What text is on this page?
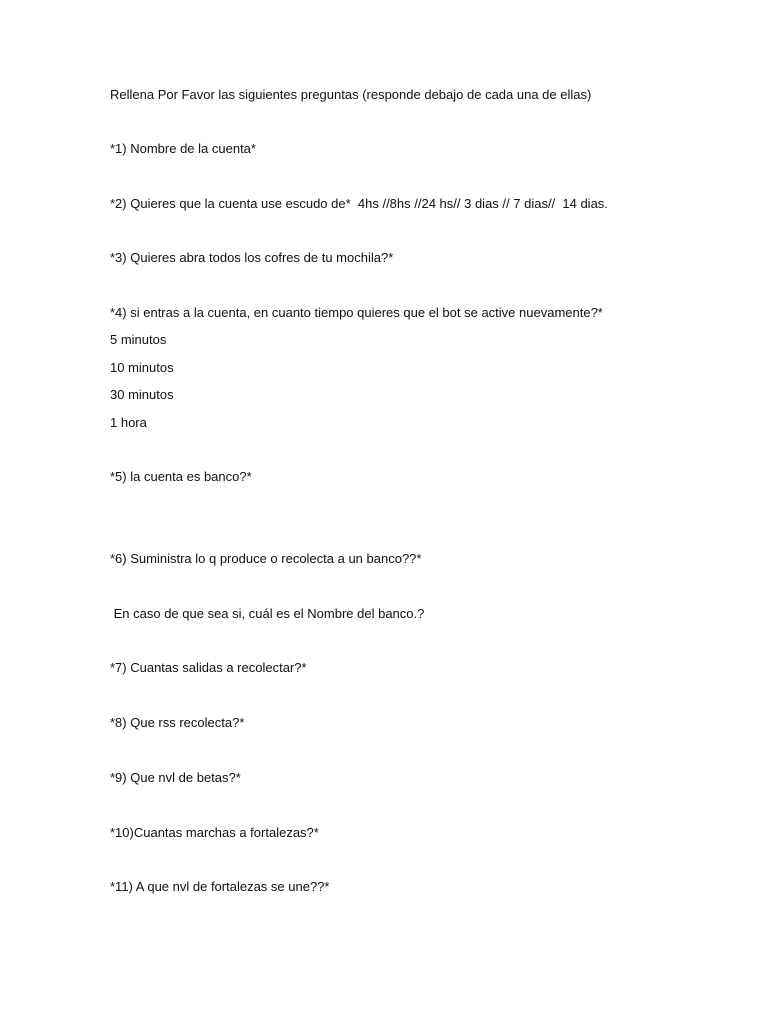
Rellena Por Favor las siguientes preguntas (responde debajo de cada una de ellas)

*1) Nombre de la cuenta*

*2) Quieres que la cuenta use escudo de*  4hs //8hs //24 hs// 3 dias // 7 dias//  14 dias.

*3) Quieres abra todos los cofres de tu mochila?*

*4) si entras a la cuenta, en cuanto tiempo quieres que el bot se active nuevamente?*

5 minutos

10 minutos

30 minutos

1 hora

*5) la cuenta es banco?*

*6) Suministra lo q produce o recolecta a un banco??*

En caso de que sea si, cuál es el Nombre del banco.?

*7) Cuantas salidas a recolectar?*

*8) Que rss recolecta?*

*9) Que nvl de betas?*

*10)Cuantas marchas a fortalezas?*

*11) A que nvl de fortalezas se une??*
